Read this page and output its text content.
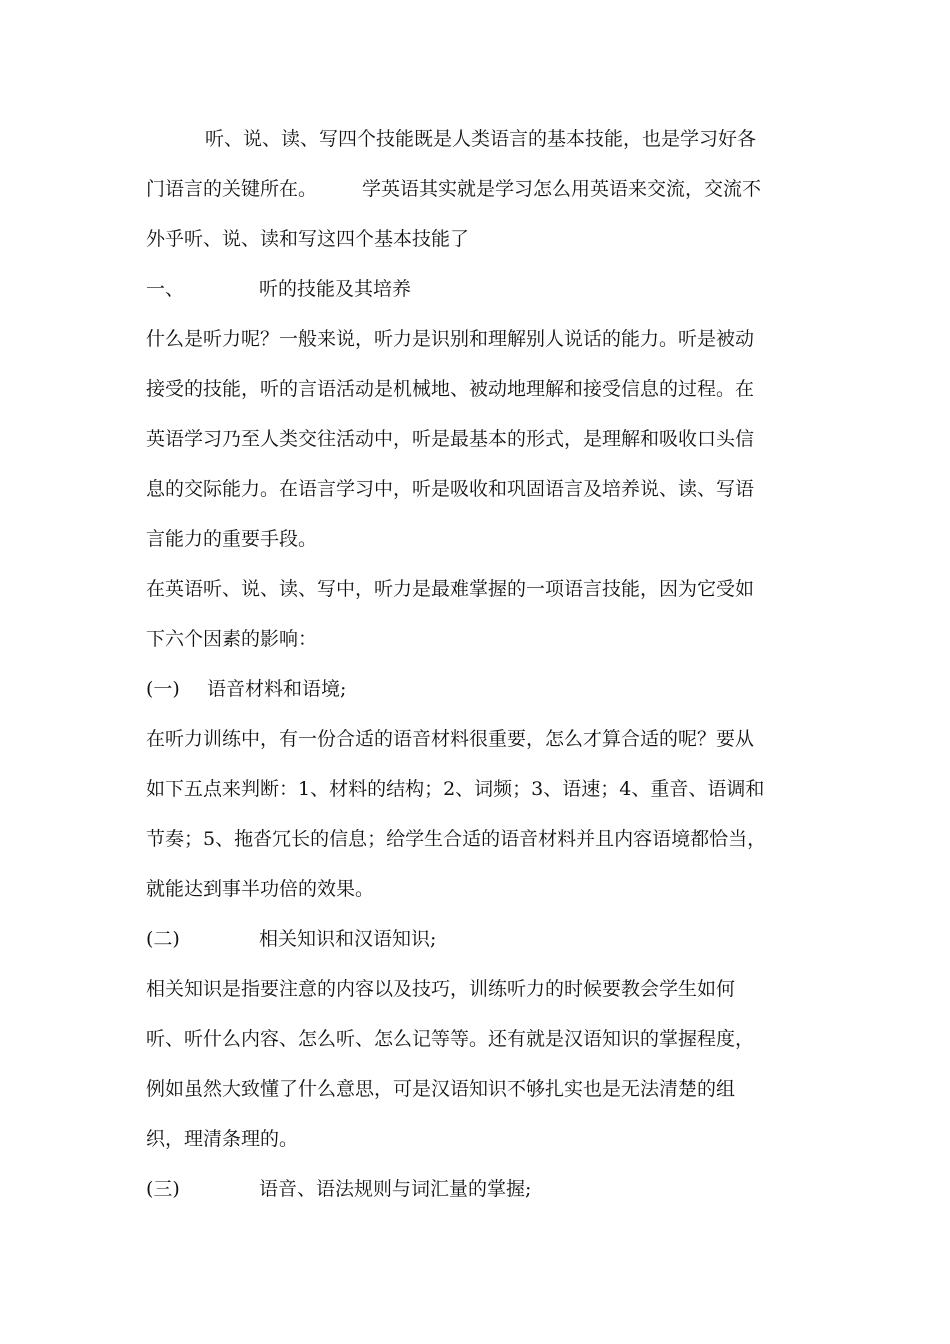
听、说、读、写四个技能既是人类语言的基本技能，也是学习好各
门语言的关键所在。 学英语其实就是学习怎么用英语来交流，交流不
外乎听、说、读和写这四个基本技能了
一、	听的技能及其培养
什么是听力呢？一般来说，听力是识别和理解别人说话的能力。听是被动
接受的技能，听的言语活动是机械地、被动地理解和接受信息的过程。在
英语学习乃至人类交往活动中，听是最基本的形式，是理解和吸收口头信
息的交际能力。在语言学习中，听是吸收和巩固语言及培养说、读、写语
言能力的重要手段。
在英语听、说、读、写中，听力是最难掌握的一项语言技能，因为它受如
下六个因素的影响：
(一) 语音材料和语境;
在听力训练中，有一份合适的语音材料很重要，怎么才算合适的呢？要从
如下五点来判断：1、材料的结构；2、词频；3、语速；4、重音、语调和
节奏；5、拖沓冗长的信息；给学生合适的语音材料并且内容语境都恰当，
就能达到事半功倍的效果。
(二)	相关知识和汉语知识;
相关知识是指要注意的内容以及技巧，训练听力的时候要教会学生如何
听、听什么内容、怎么听、怎么记等等。还有就是汉语知识的掌握程度，
例如虽然大致懂了什么意思，可是汉语知识不够扎实也是无法清楚的组
织，理清条理的。
(三)	语音、语法规则与词汇量的掌握;
